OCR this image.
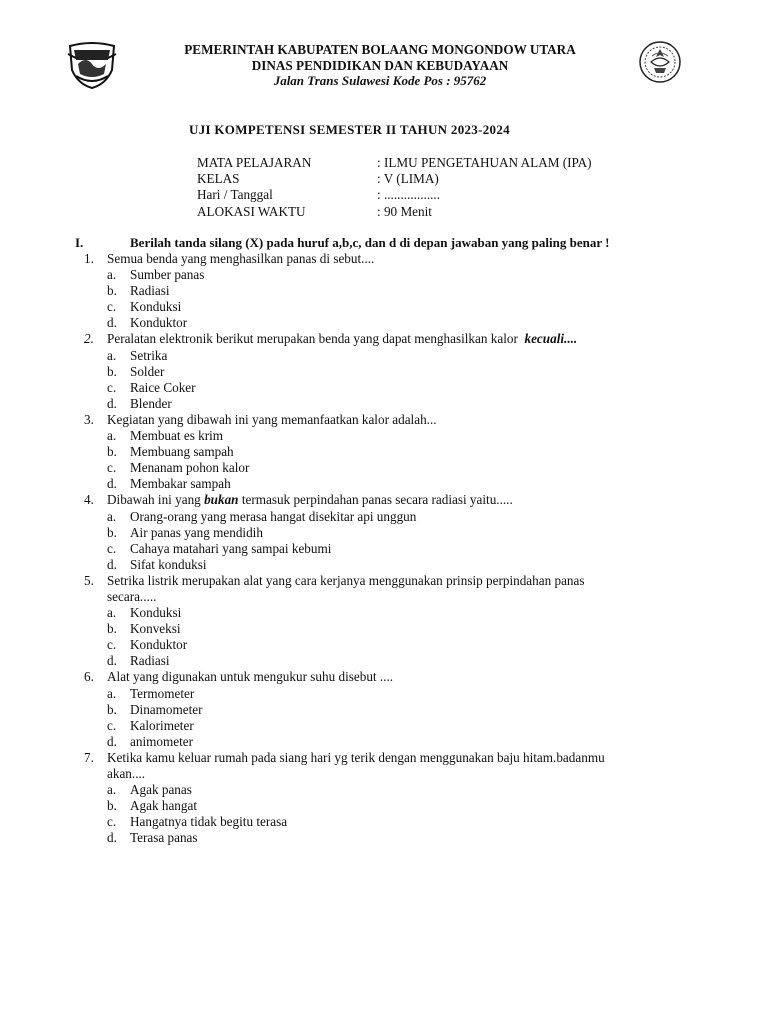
PEMERINTAH KABUPATEN BOLAANG MONGONDOW UTARA
DINAS PENDIDIKAN DAN KEBUDAYAAN
Jalan Trans Sulawesi Kode Pos : 95762
UJI KOMPETENSI SEMESTER II TAHUN 2023-2024
MATA PELAJARAN	: ILMU PENGETAHUAN ALAM (IPA)
KELAS	: V (LIMA)
Hari / Tanggal	: .................
ALOKASI WAKTU	: 90 Menit
I.	Berilah tanda silang (X) pada huruf a,b,c, dan d di depan jawaban yang paling benar !
1. Semua benda yang menghasilkan panas di sebut....
a.	Sumber panas
b. Radiasi
c.	Konduksi
d. Konduktor
2. Peralatan elektronik berikut merupakan benda yang dapat menghasilkan kalor  kecuali....
a.	Setrika
b. Solder
c.	Raice Coker
d. Blender
3. Kegiatan yang dibawah ini yang memanfaatkan kalor adalah...
a.	Membuat es krim
b. Membuang sampah
c.	Menanam pohon kalor
d. Membakar sampah
4. Dibawah ini yang bukan termasuk perpindahan panas secara radiasi yaitu.....
a.	Orang-orang yang merasa hangat disekitar api unggun
b. Air panas yang mendidih
c.	Cahaya matahari yang sampai kebumi
d. Sifat konduksi
5. Setrika listrik merupakan alat yang cara kerjanya menggunakan prinsip perpindahan panas
secara.....
a.	Konduksi
b. Konveksi
c.	Konduktor
d. Radiasi
6. Alat yang digunakan untuk mengukur suhu disebut ....
a.	Termometer
b. Dinamometer
c.	Kalorimeter
d. animometer
7. Ketika kamu keluar rumah pada siang hari yg terik dengan menggunakan baju hitam.badanmu
akan....
a.	Agak panas
b. Agak hangat
c.	Hangatnya tidak begitu terasa
d. Terasa panas
